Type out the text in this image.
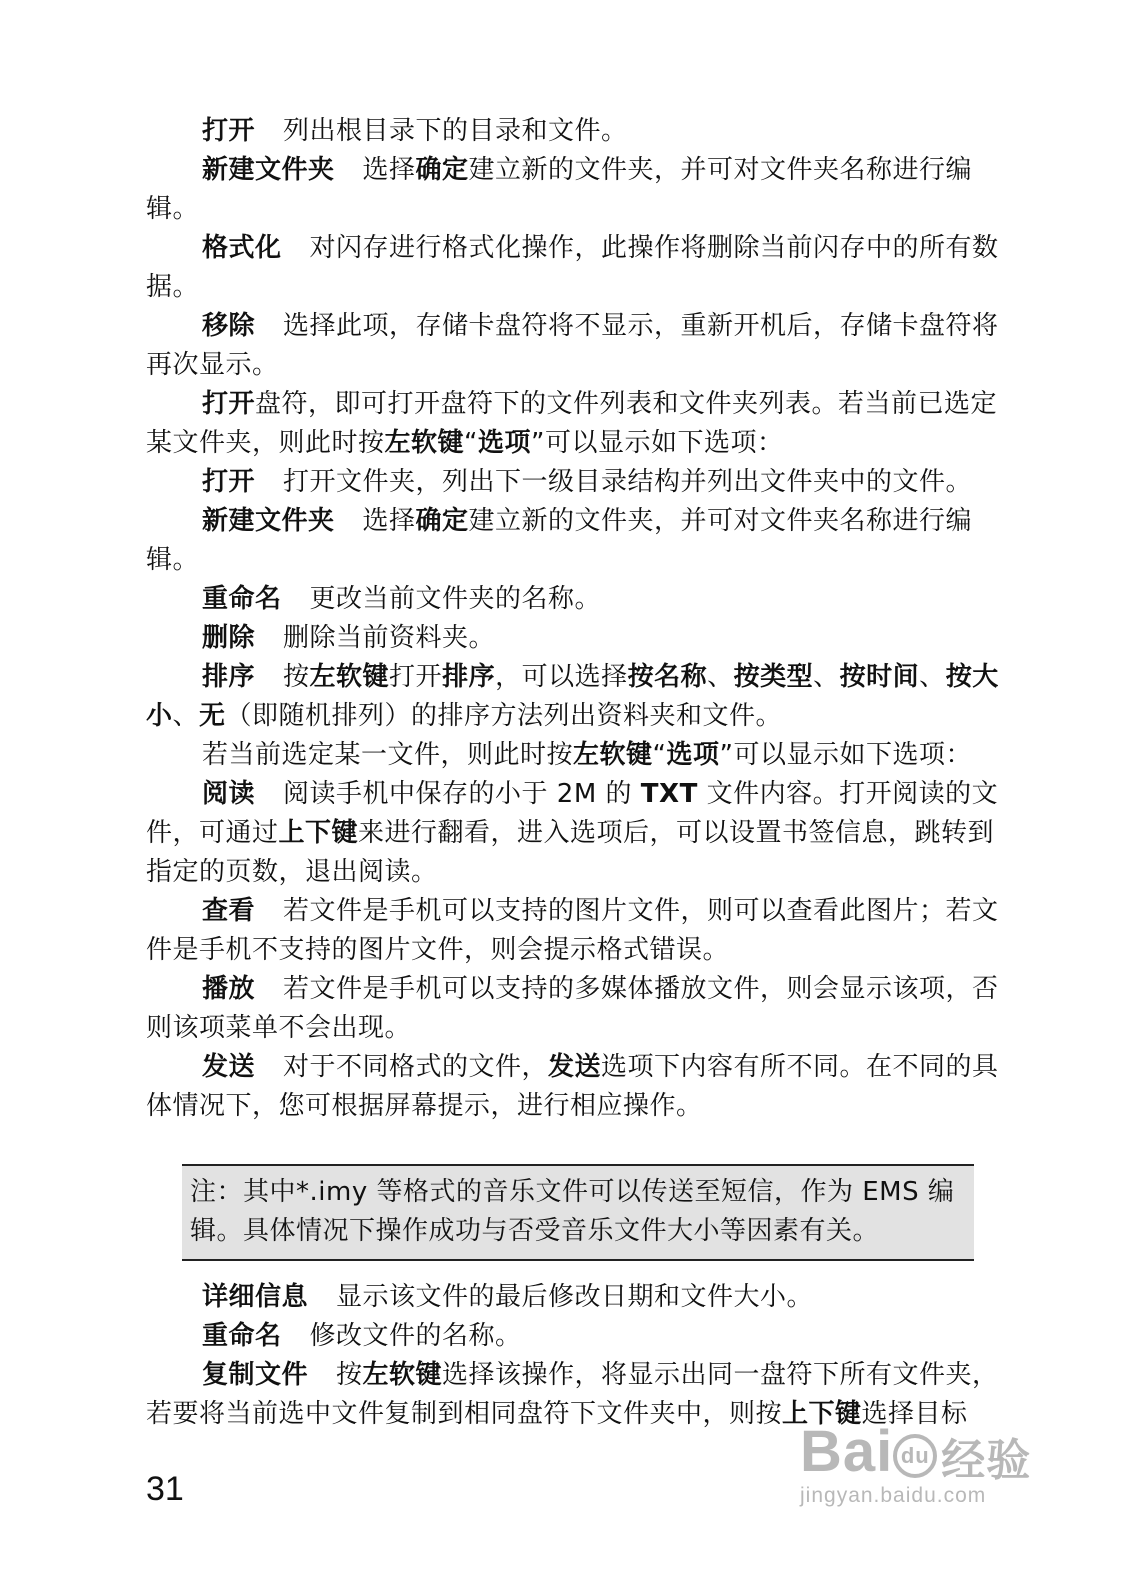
打开 列出根目录下的目录和文件。

新建文件夹 选择确定建立新的文件夹，并可对文件夹名称进行编辑。

格式化 对闪存进行格式化操作，此操作将删除当前闪存中的所有数据。

移除 选择此项，存储卡盘符将不显示，重新开机后，存储卡盘符将再次显示。

打开盘符，即可打开盘符下的文件列表和文件夹列表。若当前已选定某文件夹，则此时按左软键“选项”可以显示如下选项：

打开 打开文件夹，列出下一级目录结构并列出文件夹中的文件。

新建文件夹 选择确定建立新的文件夹，并可对文件夹名称进行编辑。

重命名 更改当前文件夹的名称。

删除 删除当前资料夹。

排序 按左软键打开排序，可以选择按名称、按类型、按时间、按大小、无（即随机排列）的排序方法列出资料夹和文件。

若当前选定某一文件，则此时按左软键“选项”可以显示如下选项：

阅读 阅读手机中保存的小于 2M 的 TXT 文件内容。打开阅读的文件，可通过上下键来进行翻看，进入选项后，可以设置书签信息，跳转到指定的页数，退出阅读。

查看 若文件是手机可以支持的图片文件，则可以查看此图片；若文件是手机不支持的图片文件，则会提示格式错误。

播放 若文件是手机可以支持的多媒体播放文件，则会显示该项，否则该项菜单不会出现。

发送 对于不同格式的文件，发送选项下内容有所不同。在不同的具体情况下，您可根据屏幕提示，进行相应操作。

注：其中*.imy 等格式的音乐文件可以传送至短信，作为 EMS 编辑。具体情况下操作成功与否受音乐文件大小等因素有关。

详细信息 显示该文件的最后修改日期和文件大小。

重命名 修改文件的名称。

复制文件 按左软键选择该操作，将显示出同一盘符下所有文件夹，若要将当前选中文件复制到相同盘符下文件夹中，则按上下键选择目标

31
Bai du 经验
jingyan.baidu.com
